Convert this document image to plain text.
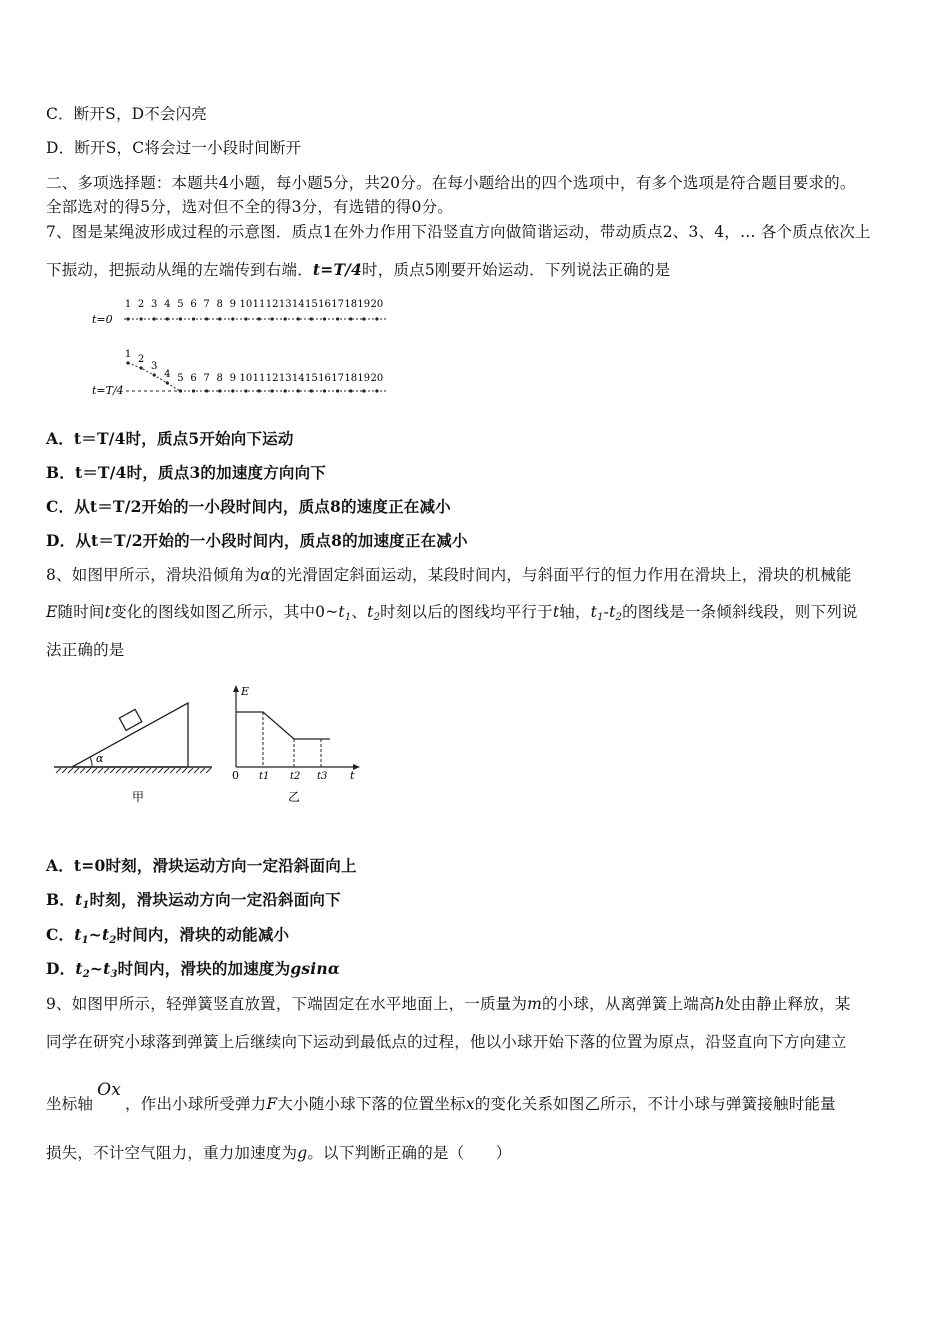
C．断开S，D不会闪亮
D．断开S，C将会过一小段时间断开
二、多项选择题：本题共4小题，每小题5分，共20分。在每小题给出的四个选项中，有多个选项是符合题目要求的。
全部选对的得5分，选对但不全的得3分，有选错的得0分。
7、图是某绳波形成过程的示意图．质点1在外力作用下沿竖直方向做简谐运动，带动质点2、3、4，… 各个质点依次上
下振动，把振动从绳的左端传到右端．t=T/4时，质点5刚要开始运动．下列说法正确的是
1 2 3 4 5 6 7 8 9 10 11 12 13 14 15 16 17 18 19 20
t=0
1 2
3
4 5 6 7 8 9 10 11 12 13 14 15 16 17 18 19 20
t=T/4
A．t＝T/4时，质点5开始向下运动
B．t＝T/4时，质点3的加速度方向向下
C．从t＝T/2开始的一小段时间内，质点8的速度正在减小
D．从t＝T/2开始的一小段时间内，质点8的加速度正在减小
8、如图甲所示，滑块沿倾角为α的光滑固定斜面运动，某段时间内，与斜面平行的恒力作用在滑块上，滑块的机械能
E随时间t变化的图线如图乙所示，其中$0\sim t_1$、$t_2$时刻以后的图线均平行于t轴，$t_1-t_2$的图线是一条倾斜线段，则下列说
法正确的是
α
甲
E
t
0 t1 t2 t3
乙
A．t=0时刻，滑块运动方向一定沿斜面向上
B．$t_1$时刻，滑块运动方向一定沿斜面向下
C．$t_1\sim t_2$时间内，滑块的动能减小
D．$t_2\sim t_3$时间内，滑块的加速度为gsinα
9、如图甲所示，轻弹簧竖直放置，下端固定在水平地面上，一质量为m的小球，从离弹簧上端高h处由静止释放，某
同学在研究小球落到弹簧上后继续向下运动到最低点的过程，他以小球开始下落的位置为原点，沿竖直向下方向建立
坐标轴Ox，作出小球所受弹力F大小随小球下落的位置坐标x的变化关系如图乙所示，不计小球与弹簧接触时能量
损失，不计空气阻力，重力加速度为g。以下判断正确的是（　　）
